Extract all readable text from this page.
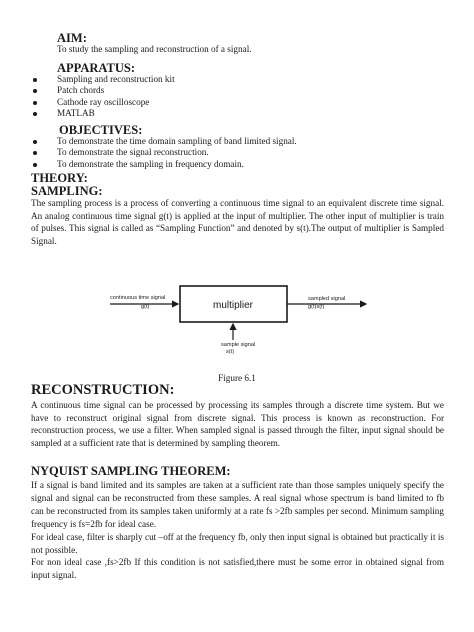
AIM:

To study the sampling and reconstruction of a signal.

APPARATUS:
Sampling and reconstruction kit
Patch chords
Cathode ray oscilloscope
MATLAB
OBJECTIVES:
To demonstrate the time domain sampling of band limited signal.
To demonstrate the signal reconstruction.
To demonstrate the sampling in frequency domain.
THEORY:
SAMPLING:

The sampling process is a process of converting a continuous time signal to an equivalent discrete time signal. An analog continuous time signal g(t) is applied at the input of multiplier. The other input of multiplier is train of pulses. This signal is called as “Sampling Function” and denoted by s(t).The output of multiplier is Sampled Signal.

multiplier
continuous time signal
g(t)
sampled signal
g(t)s(t)
sample signal
s(t)

Figure 6.1

RECONSTRUCTION:

A continuous time signal can be processed by processing its samples through a discrete time system. But we have to reconstruct original signal from discrete signal. This process is known as reconstruction. For reconstruction process, we use a filter. When sampled signal is passed through the filter, input signal should be sampled at a sufficient rate that is determined by sampling theorem.

NYQUIST SAMPLING THEOREM:

If a signal is band limited and its samples are taken at a sufficient rate than those samples uniquely specify the signal and signal can be reconstructed from these samples. A real signal whose spectrum is band limited to fb can be reconstructed from its samples taken uniformly at a rate fs >2fb samples per second. Minimum sampling frequency is fs=2fb for ideal case.

For ideal case, filter is sharply cut –off at the frequency fb, only then input signal is obtained but practically it is not possible.

For non ideal case ,fs>2fb If this condition is not satisfied,there must be some error in obtained signal from input signal.
